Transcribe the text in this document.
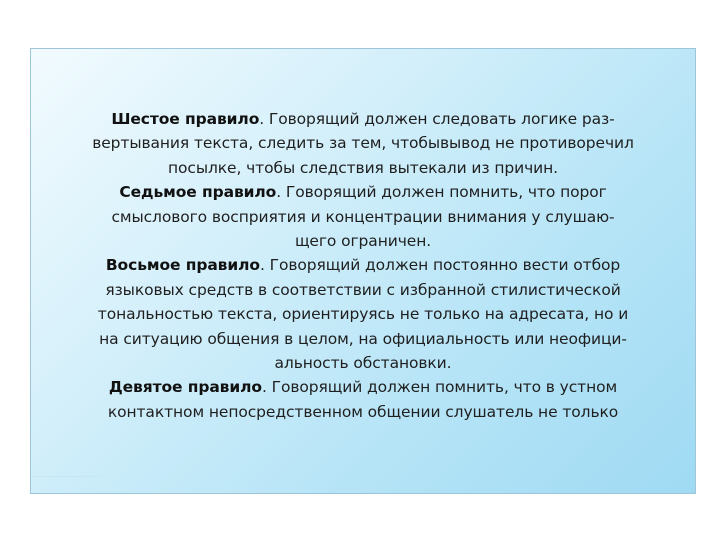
Шестое правило. Говорящий должен следовать логике раз-
вертывания текста, следить за тем, чтобывывод не противоречил
посылке, чтобы следствия вытекали из причин.
Седьмое правило. Говорящий должен помнить, что порог
смыслового восприятия и концентрации внимания у слушаю-
щего ограничен.
Восьмое правило. Говорящий должен постоянно вести отбор
языковых средств в соответствии с избранной стилистической
тональностью текста, ориентируясь не только на адресата, но и
на ситуацию общения в целом, на официальность или неофици-
альность обстановки.
Девятое правило. Говорящий должен помнить, что в устном
контактном непосредственном общении слушатель не только
